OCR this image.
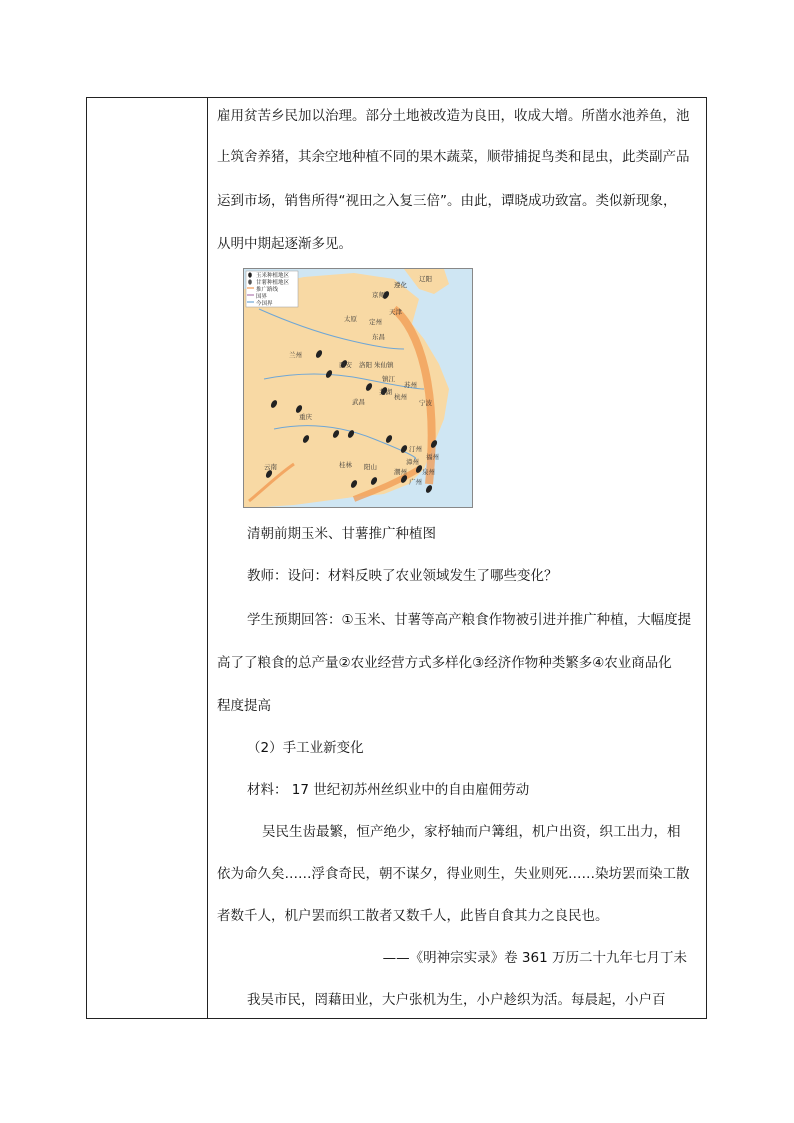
雇用贫苦乡民加以治理。部分土地被改造为良田，收成大增。所凿水池养鱼，池
上筑舍养猪，其余空地种植不同的果木蔬菜，顺带捕捉鸟类和昆虫，此类副产品
运到市场，销售所得“视田之入复三倍”。由此，谭晓成功致富。类似新现象，
从明中期起逐渐多见。
玉米种植地区
甘薯种植地区
推广路线
国界
今国界
辽阳
遵化
京师
天津
太原 定州
东昌
兰州
西安 洛阳 朱仙镇
镇江
苏州
芜湖
杭州
宁波
武昌
重庆
汀州
漳州
福州
桂林 阳山
潮州
广州
云南
泉州
清朝前期玉米、甘薯推广种植图
教师：设问：材料反映了农业领域发生了哪些变化？
学生预期回答：①玉米、甘薯等高产粮食作物被引进并推广种植，大幅度提
高了了粮食的总产量②农业经营方式多样化③经济作物种类繁多④农业商品化
程度提高
（2）手工业新变化
材料： 17 世纪初苏州丝织业中的自由雇佣劳动
吴民生齿最繁，恒产绝少，家杼轴而户篝组，机户出资，织工出力，相
依为命久矣……浮食奇民，朝不谋夕，得业则生，失业则死……染坊罢而染工散
者数千人，机户罢而织工散者又数千人，此皆自食其力之良民也。
——《明神宗实录》卷 361 万历二十九年七月丁未
我吴市民，罔藉田业，大户张机为生，小户趁织为活。每晨起，小户百
